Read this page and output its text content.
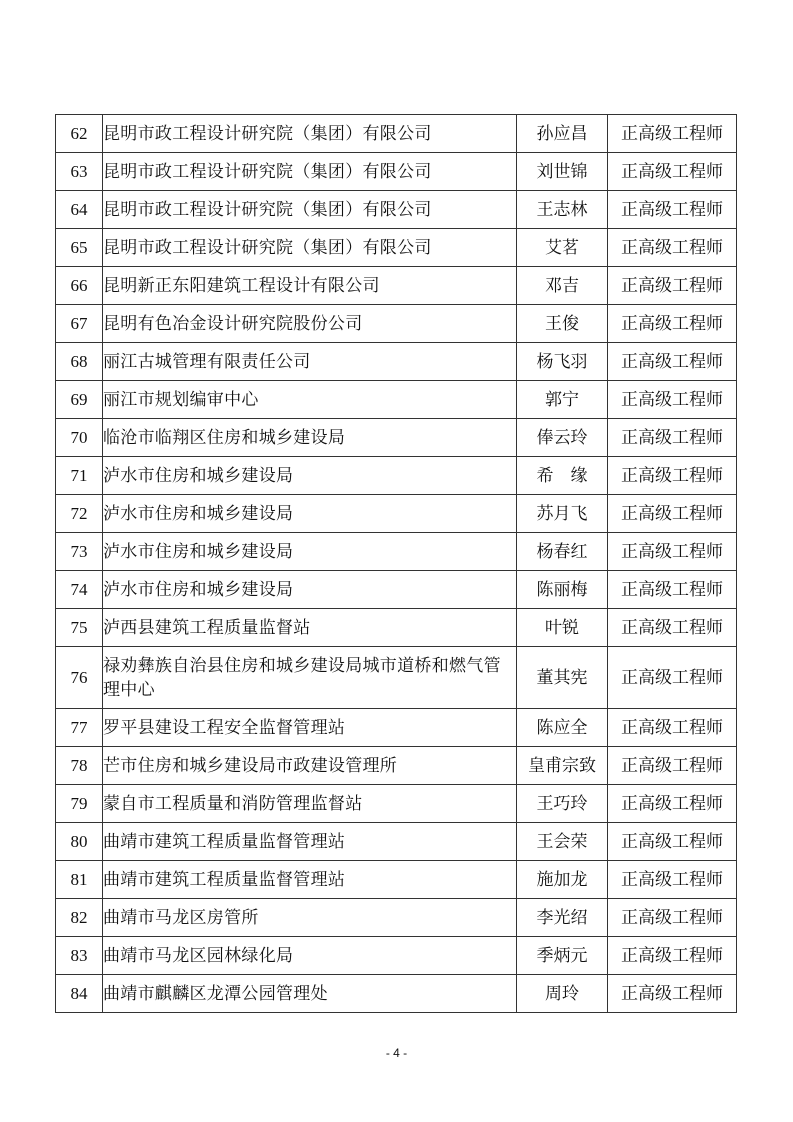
62	昆明市政工程设计研究院（集团）有限公司	孙应昌	正高级工程师
63	昆明市政工程设计研究院（集团）有限公司	刘世锦	正高级工程师
64	昆明市政工程设计研究院（集团）有限公司	王志林	正高级工程师
65	昆明市政工程设计研究院（集团）有限公司	艾茗	正高级工程师
66	昆明新正东阳建筑工程设计有限公司	邓吉	正高级工程师
67	昆明有色冶金设计研究院股份公司	王俊	正高级工程师
68	丽江古城管理有限责任公司	杨飞羽	正高级工程师
69	丽江市规划编审中心	郭宁	正高级工程师
70	临沧市临翔区住房和城乡建设局	俸云玲	正高级工程师
71	泸水市住房和城乡建设局	希　缘	正高级工程师
72	泸水市住房和城乡建设局	苏月飞	正高级工程师
73	泸水市住房和城乡建设局	杨春红	正高级工程师
74	泸水市住房和城乡建设局	陈丽梅	正高级工程师
75	泸西县建筑工程质量监督站	叶锐	正高级工程师
76	禄劝彝族自治县住房和城乡建设局城市道桥和燃气管理中心	董其宪	正高级工程师
77	罗平县建设工程安全监督管理站	陈应全	正高级工程师
78	芒市住房和城乡建设局市政建设管理所	皇甫宗致	正高级工程师
79	蒙自市工程质量和消防管理监督站	王巧玲	正高级工程师
80	曲靖市建筑工程质量监督管理站	王会荣	正高级工程师
81	曲靖市建筑工程质量监督管理站	施加龙	正高级工程师
82	曲靖市马龙区房管所	李光绍	正高级工程师
83	曲靖市马龙区园林绿化局	季炳元	正高级工程师
84	曲靖市麒麟区龙潭公园管理处	周玲	正高级工程师
- 4 -
